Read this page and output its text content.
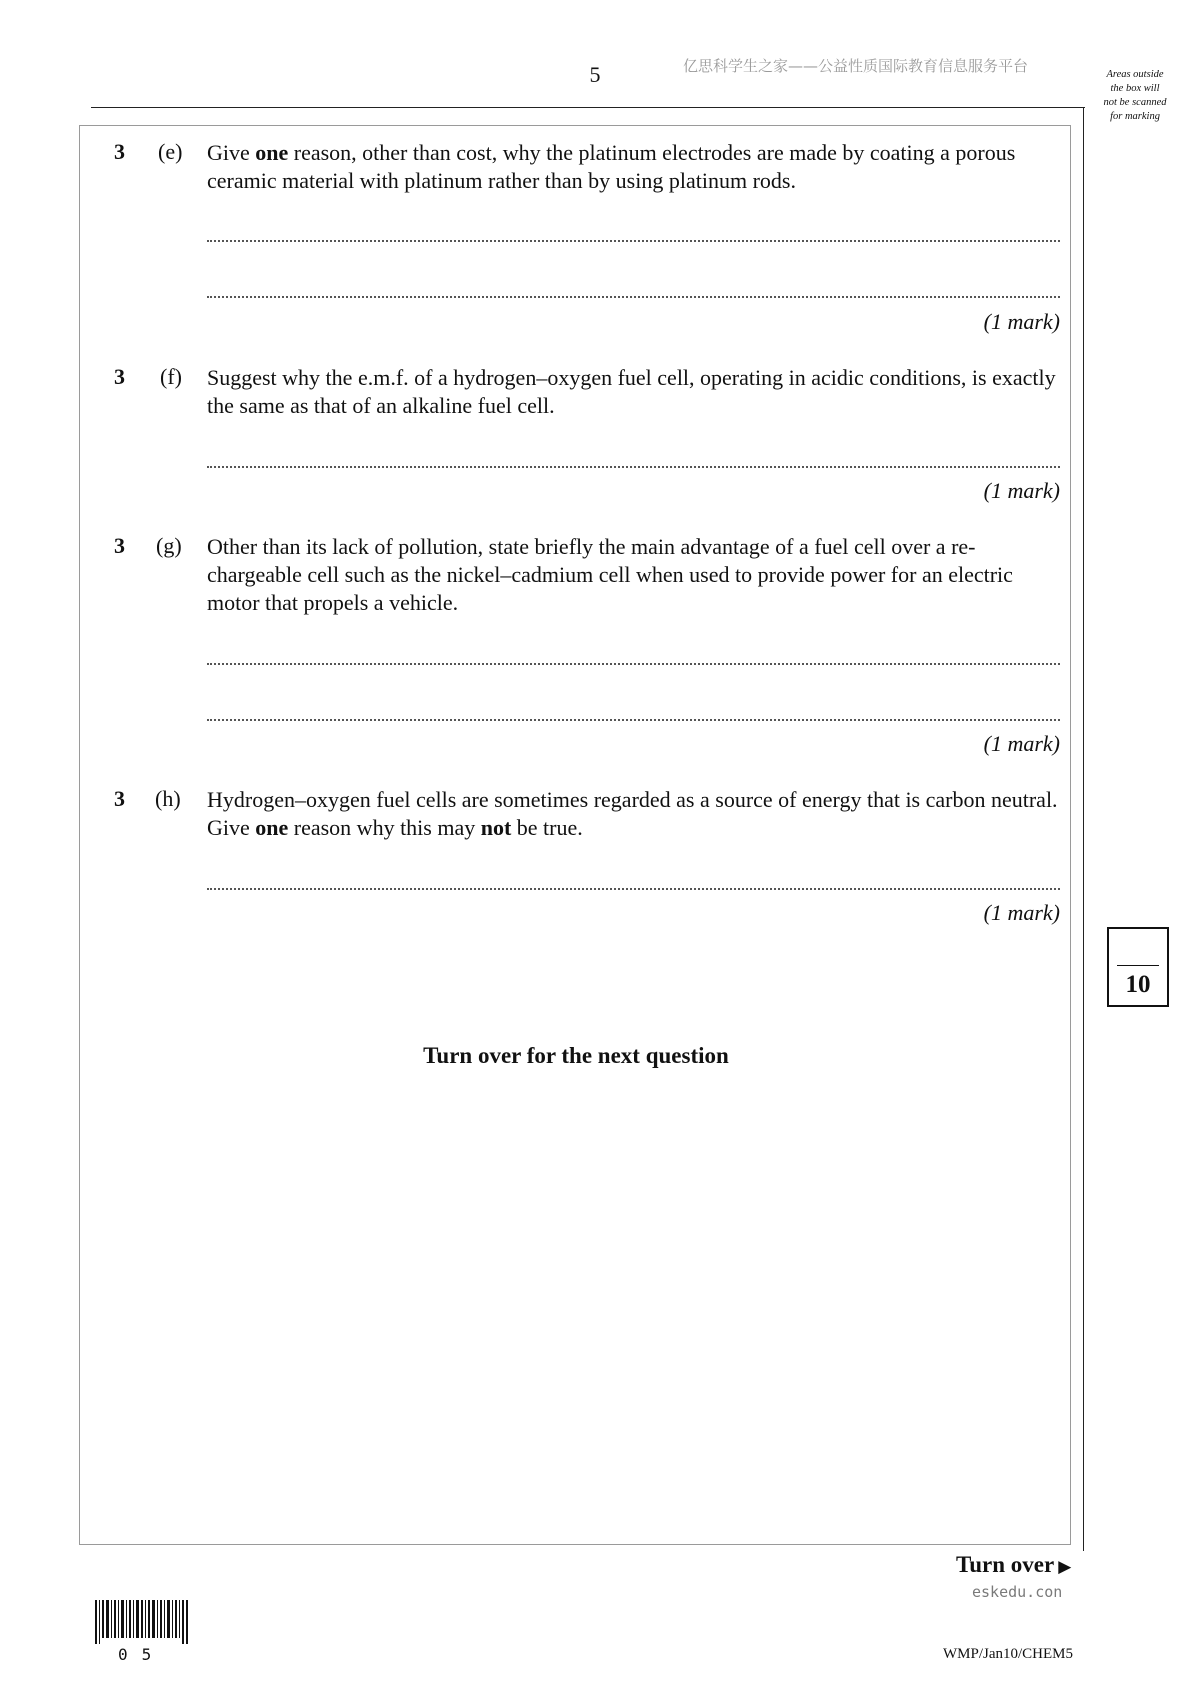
5	亿思科学生之家——公益性质国际教育信息服务平台	Areas outside
the box will
not be scanned
for marking
3 (e) Give one reason, other than cost, why the platinum electrodes are made by coating a porous ceramic material with platinum rather than by using platinum rods.
(1 mark)
3 (f) Suggest why the e.m.f. of a hydrogen–oxygen fuel cell, operating in acidic conditions, is exactly the same as that of an alkaline fuel cell.
(1 mark)
3 (g) Other than its lack of pollution, state briefly the main advantage of a fuel cell over a re-chargeable cell such as the nickel–cadmium cell when used to provide power for an electric motor that propels a vehicle.
(1 mark)
3 (h) Hydrogen–oxygen fuel cells are sometimes regarded as a source of energy that is carbon neutral. Give one reason why this may not be true.
(1 mark)
10
Turn over for the next question
Turn over ▶
eskedu.con
05	WMP/Jan10/CHEM5
